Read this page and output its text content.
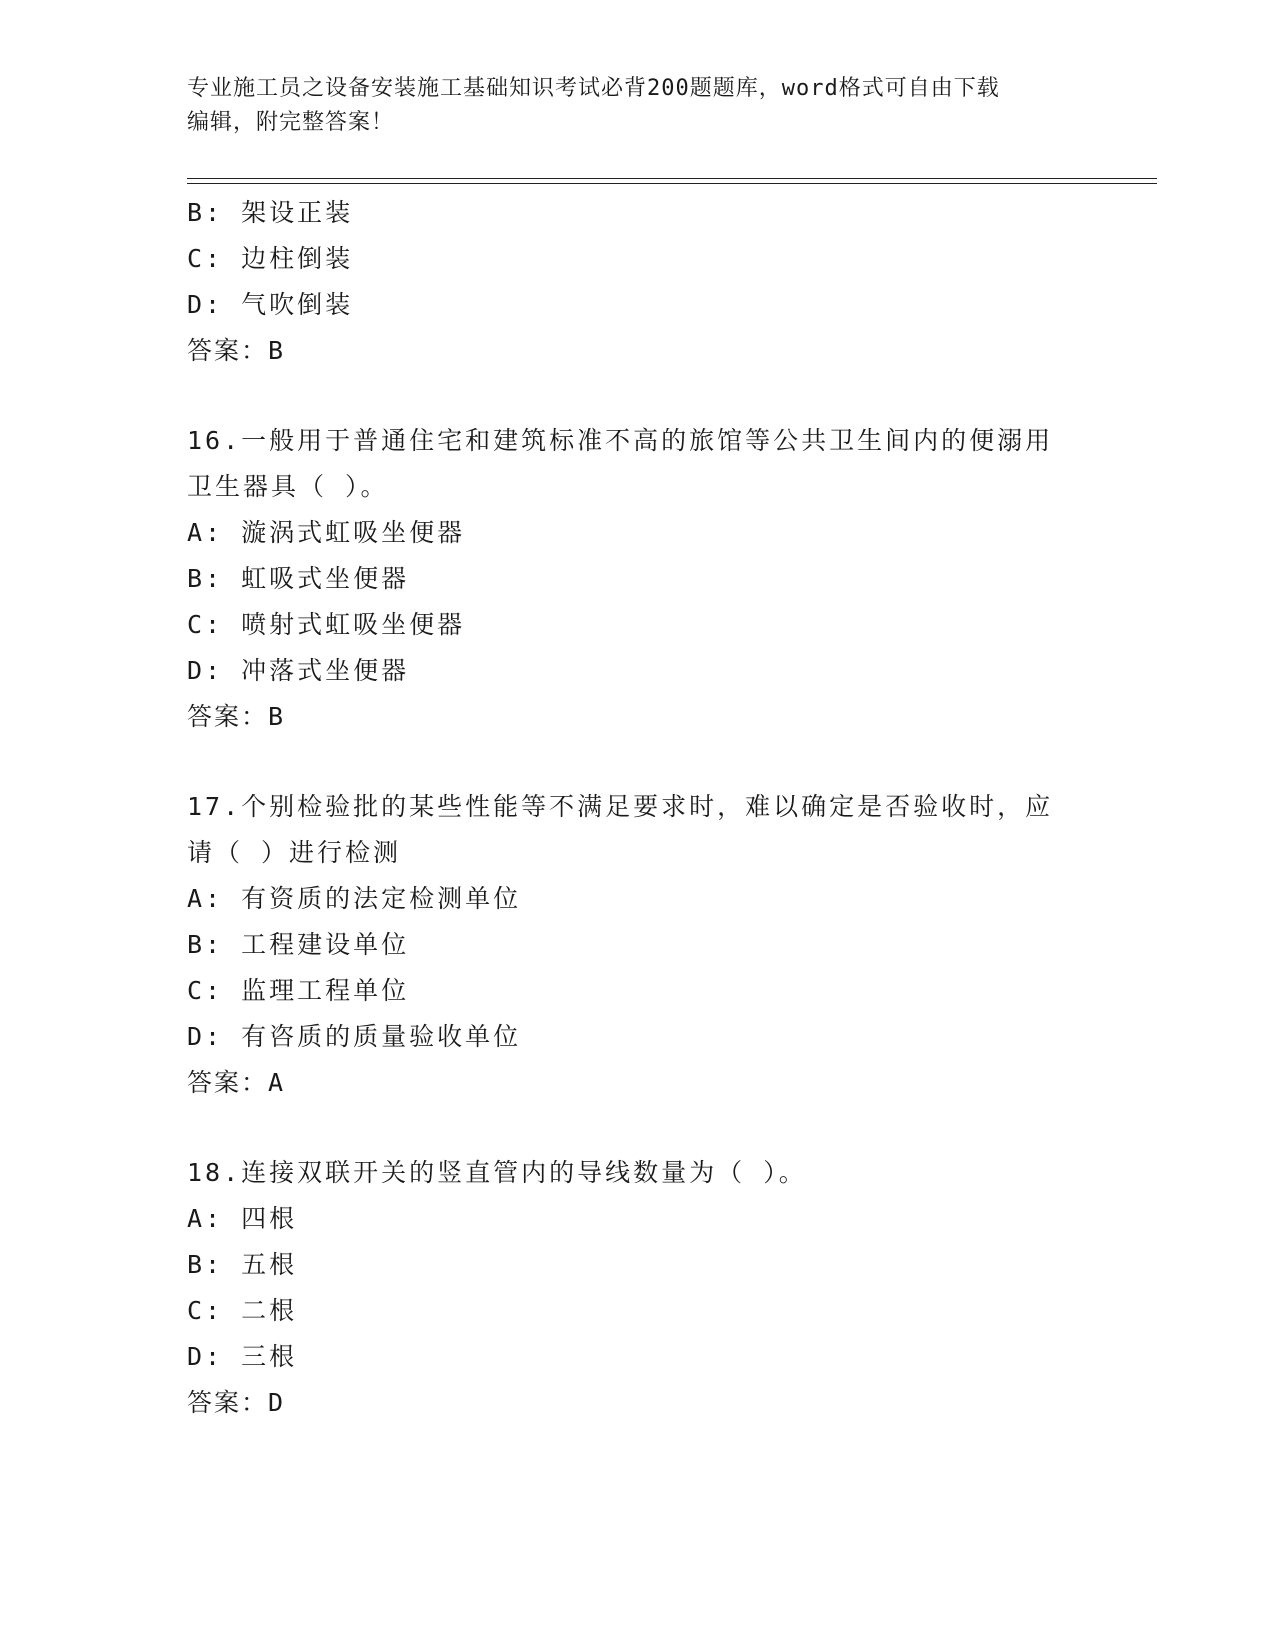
专业施工员之设备安装施工基础知识考试必背200题题库，word格式可自由下载
编辑，附完整答案！
B: 架设正装
C: 边柱倒装
D: 气吹倒装
答案：B
16.一般用于普通住宅和建筑标准不高的旅馆等公共卫生间内的便溺用
卫生器具（ ）。
A: 漩涡式虹吸坐便器
B: 虹吸式坐便器
C: 喷射式虹吸坐便器
D: 冲落式坐便器
答案：B
17.个别检验批的某些性能等不满足要求时，难以确定是否验收时，应
请（ ）进行检测
A: 有资质的法定检测单位
B: 工程建设单位
C: 监理工程单位
D: 有咨质的质量验收单位
答案：A
18.连接双联开关的竖直管内的导线数量为（ ）。
A: 四根
B: 五根
C: 二根
D: 三根
答案：D
